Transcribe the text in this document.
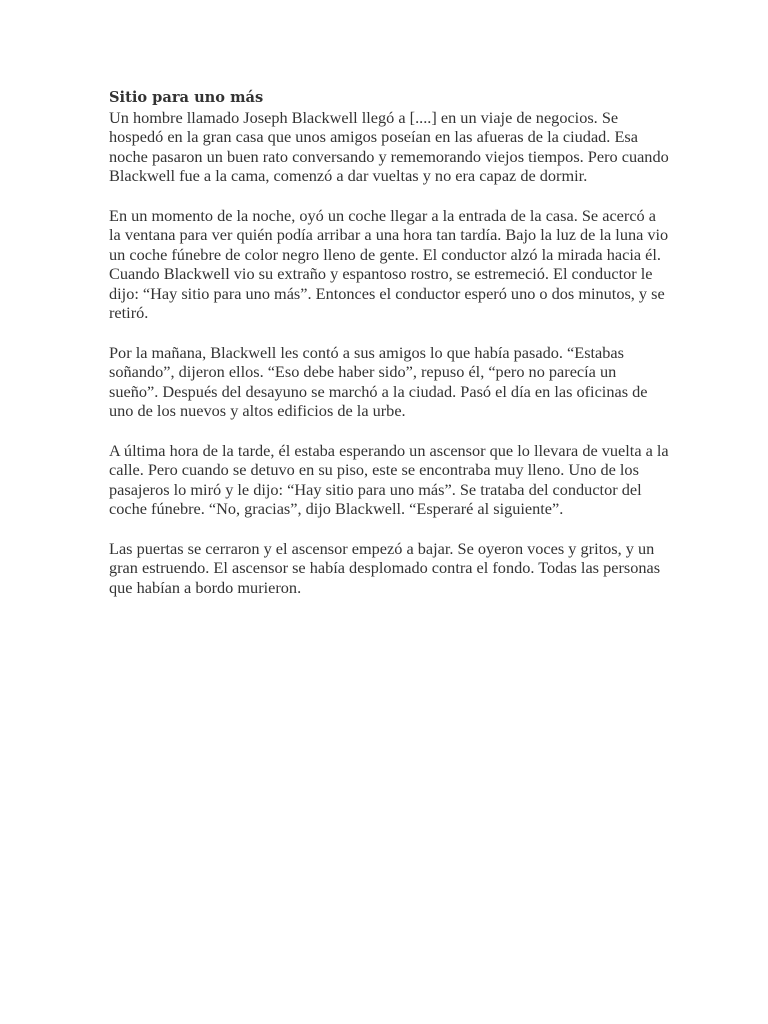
Sitio para uno más

Un hombre llamado Joseph Blackwell llegó a [....] en un viaje de negocios. Se hospedó en la gran casa que unos amigos poseían en las afueras de la ciudad. Esa noche pasaron un buen rato conversando y rememorando viejos tiempos. Pero cuando Blackwell fue a la cama, comenzó a dar vueltas y no era capaz de dormir.

En un momento de la noche, oyó un coche llegar a la entrada de la casa. Se acercó a la ventana para ver quién podía arribar a una hora tan tardía. Bajo la luz de la luna vio un coche fúnebre de color negro lleno de gente. El conductor alzó la mirada hacia él. Cuando Blackwell vio su extraño y espantoso rostro, se estremeció. El conductor le dijo: “Hay sitio para uno más”. Entonces el conductor esperó uno o dos minutos, y se retiró.

Por la mañana, Blackwell les contó a sus amigos lo que había pasado. “Estabas soñando”, dijeron ellos. “Eso debe haber sido”, repuso él, “pero no parecía un sueño”. Después del desayuno se marchó a la ciudad. Pasó el día en las oficinas de uno de los nuevos y altos edificios de la urbe.

A última hora de la tarde, él estaba esperando un ascensor que lo llevara de vuelta a la calle. Pero cuando se detuvo en su piso, este se encontraba muy lleno. Uno de los pasajeros lo miró y le dijo: “Hay sitio para uno más”. Se trataba del conductor del coche fúnebre. “No, gracias”, dijo Blackwell. “Esperaré al siguiente”.

Las puertas se cerraron y el ascensor empezó a bajar. Se oyeron voces y gritos, y un gran estruendo. El ascensor se había desplomado contra el fondo. Todas las personas que habían a bordo murieron.
